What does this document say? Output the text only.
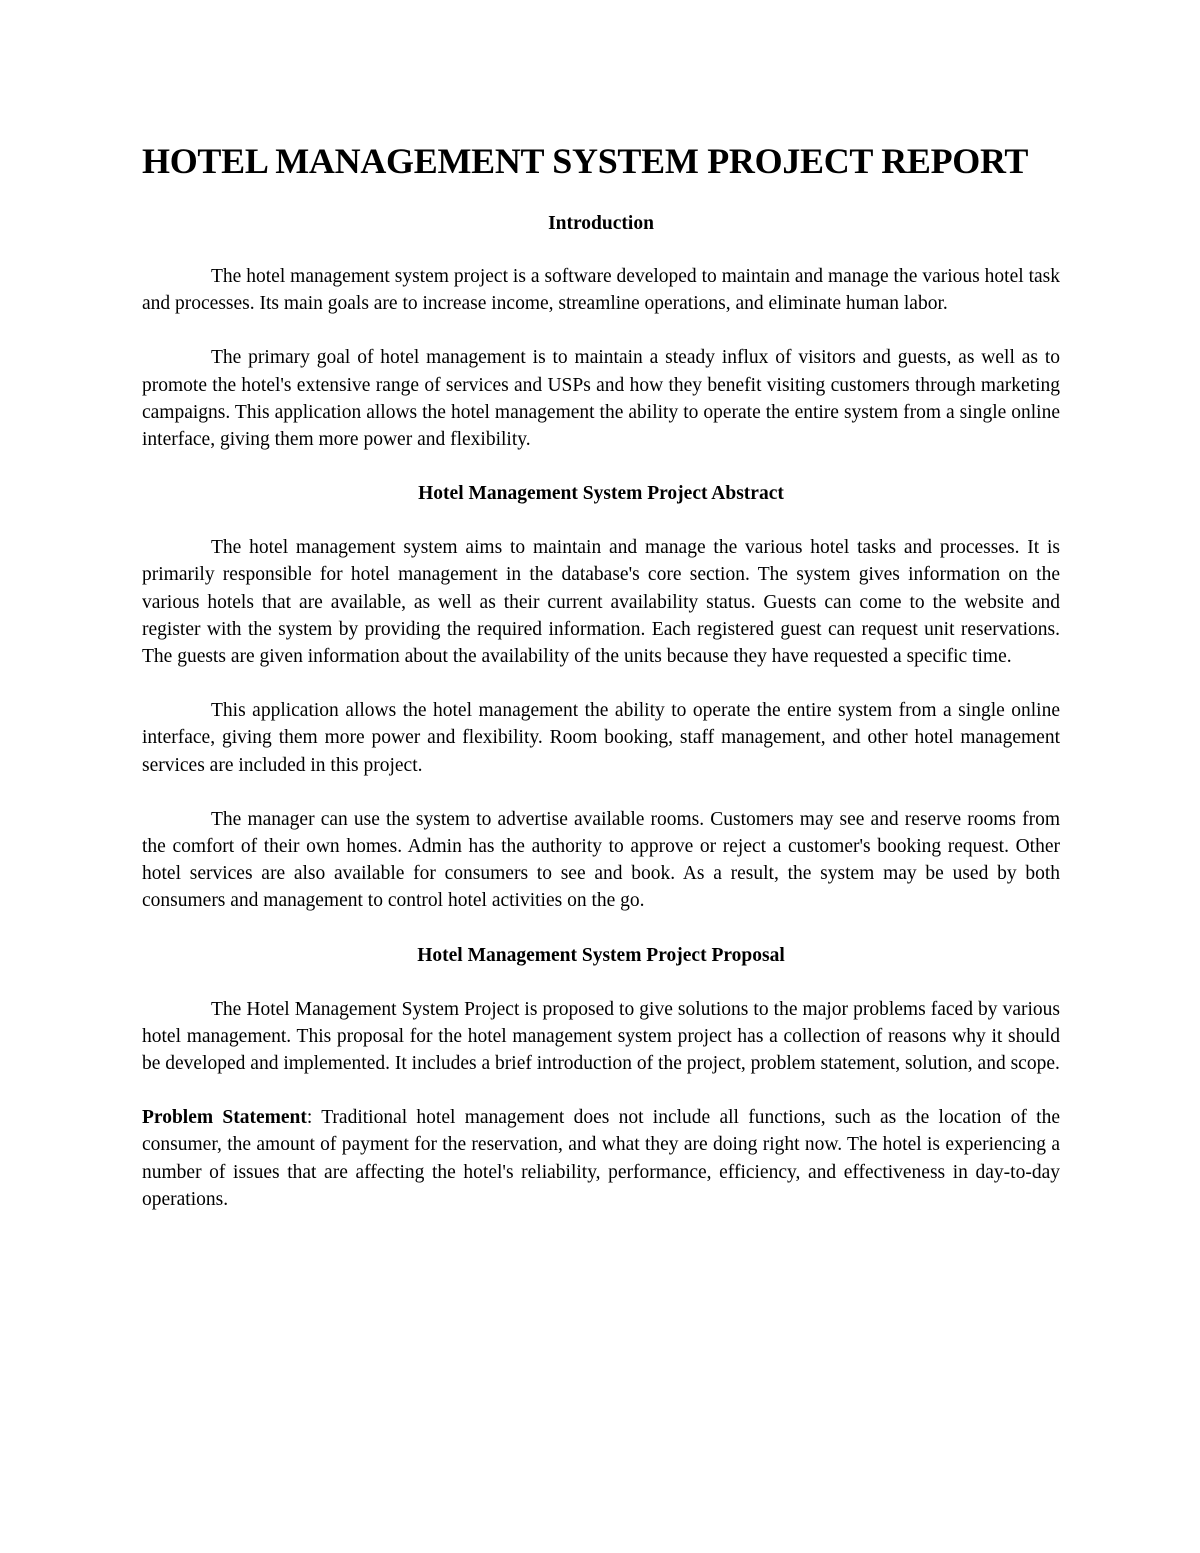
HOTEL MANAGEMENT SYSTEM PROJECT REPORT
Introduction

The hotel management system project is a software developed to maintain and manage the various hotel task and processes. Its main goals are to increase income, streamline operations, and eliminate human labor.

The primary goal of hotel management is to maintain a steady influx of visitors and guests, as well as to promote the hotel's extensive range of services and USPs and how they benefit visiting customers through marketing campaigns. This application allows the hotel management the ability to operate the entire system from a single online interface, giving them more power and flexibility.

Hotel Management System Project Abstract

The hotel management system aims to maintain and manage the various hotel tasks and processes. It is primarily responsible for hotel management in the database's core section. The system gives information on the various hotels that are available, as well as their current availability status. Guests can come to the website and register with the system by providing the required information. Each registered guest can request unit reservations. The guests are given information about the availability of the units because they have requested a specific time.

This application allows the hotel management the ability to operate the entire system from a single online interface, giving them more power and flexibility. Room booking, staff management, and other hotel management services are included in this project.

The manager can use the system to advertise available rooms. Customers may see and reserve rooms from the comfort of their own homes. Admin has the authority to approve or reject a customer's booking request. Other hotel services are also available for consumers to see and book. As a result, the system may be used by both consumers and management to control hotel activities on the go.

Hotel Management System Project Proposal

The Hotel Management System Project is proposed to give solutions to the major problems faced by various hotel management. This proposal for the hotel management system project has a collection of reasons why it should be developed and implemented. It includes a brief introduction of the project, problem statement, solution, and scope.

Problem Statement: Traditional hotel management does not include all functions, such as the location of the consumer, the amount of payment for the reservation, and what they are doing right now. The hotel is experiencing a number of issues that are affecting the hotel's reliability, performance, efficiency, and effectiveness in day-to-day operations.
